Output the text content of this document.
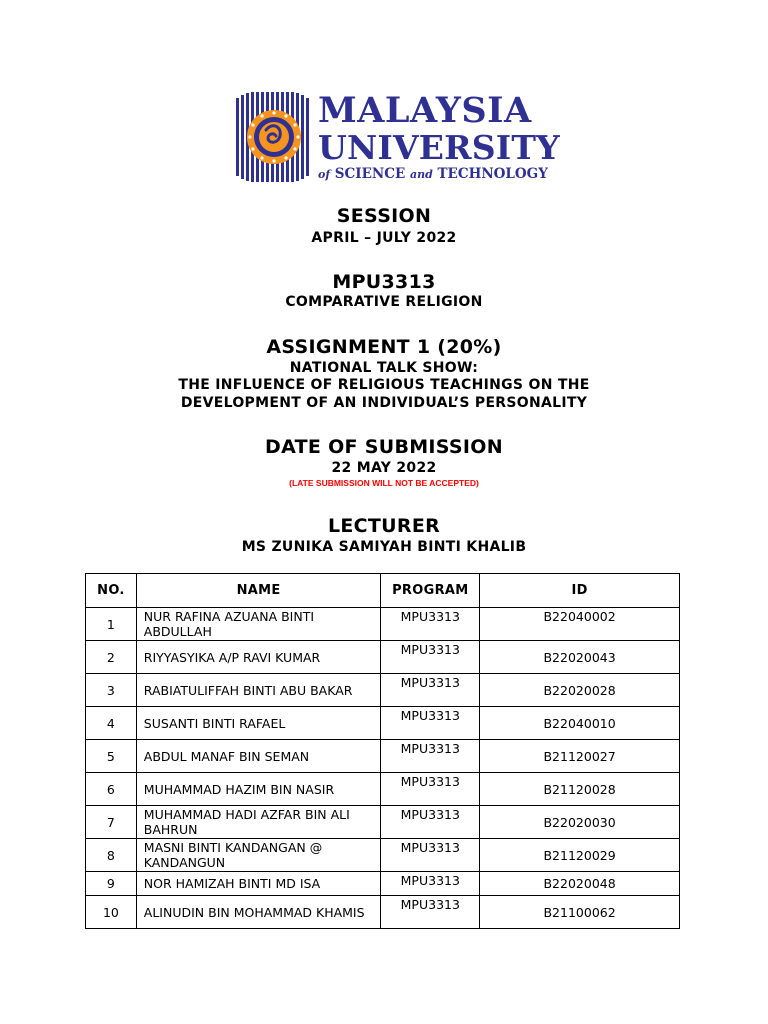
MALAYSIA
UNIVERSITY
of SCIENCE and TECHNOLOGY
SESSION
APRIL – JULY 2022
MPU3313
COMPARATIVE RELIGION
ASSIGNMENT 1 (20%)
NATIONAL TALK SHOW:
THE INFLUENCE OF RELIGIOUS TEACHINGS ON THE
DEVELOPMENT OF AN INDIVIDUAL’S PERSONALITY
DATE OF SUBMISSION
22 MAY 2022
(LATE SUBMISSION WILL NOT BE ACCEPTED)
LECTURER
MS ZUNIKA SAMIYAH BINTI KHALIB
NO.	NAME	PROGRAM	ID
1	NUR RAFINA AZUANA BINTI ABDULLAH	MPU3313	B22040002
2	RIYYASYIKA A/P RAVI KUMAR	MPU3313	B22020043
3	RABIATULIFFAH BINTI ABU BAKAR	MPU3313	B22020028
4	SUSANTI BINTI RAFAEL	MPU3313	B22040010
5	ABDUL MANAF BIN SEMAN	MPU3313	B21120027
6	MUHAMMAD HAZIM BIN NASIR	MPU3313	B21120028
7	MUHAMMAD HADI AZFAR BIN ALI BAHRUN	MPU3313	B22020030
8	MASNI BINTI KANDANGAN @ KANDANGUN	MPU3313	B21120029
9	NOR HAMIZAH BINTI MD ISA	MPU3313	B22020048
10	ALINUDIN BIN MOHAMMAD KHAMIS	MPU3313	B21100062
